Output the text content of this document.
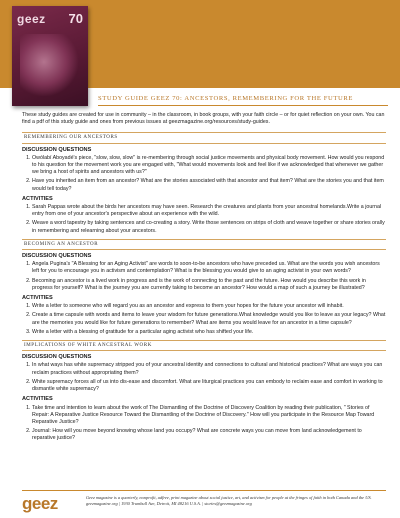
geez 70
STUDY GUIDE GEEZ 70: ANCESTORS, REMEMBERING FOR THE FUTURE

These study guides are created for use in community – in the classroom, in book groups, with your faith circle – or for quiet reflection on your own. You can find a pdf of this study guide and ones from previous issues at geezmagazine.org/resources/study-guides.

REMEMBERING OUR ANCESTORS
DISCUSSION QUESTIONS
1. Owólabí Aboyadé's piece, "slow, slow, slow" is re-membering through social justice movements and physical body movement. How would you respond to his question for the movement work you are engaged with, "What would movements look and feel like if we acknowledged that whenever we gather we bring a host of spirits and ancestors with us?"
2. Have you inherited an item from an ancestor? What are the stories associated with that ancestor and that item? What are the stories you and that item would tell today?
ACTIVITIES
1. Sarah Pappas wrote about the birds her ancestors may have seen. Research the creatures and plants from your ancestral homelands.Write a journal entry from one of your ancestor's perspective about an experience with the wild.
2. Weave a word tapestry by taking sentences and co-creating a story. Write those sentences on strips of cloth and weave together or share stories orally in remembering and relearning about your ancestors.
BECOMING AN ANCESTOR
DISCUSSION QUESTIONS
1. Angela Pugina's "A Blessing for an Aging Activist" are words to soon-to-be ancestors who have preceded us. What are the words you wish ancestors left for you to encourage you in activism and contemplation? What is the blessing you would give to an aging activist in your own words?
2. Becoming an ancestor is a lived work in progress and is the work of connecting to the past and the future. How would you describe this work in progress for yourself? What is the journey you are currently taking to become an ancestor? How would a map of such a journey be illustrated?
ACTIVITIES
1. Write a letter to someone who will regard you as an ancestor and express to them your hopes for the future your ancestor will inhabit.
2. Create a time capsule with words and items to leave your wisdom for future generations.What knowledge would you like to leave as your legacy? What are the memories you would like for future generations to remember? What are items you would leave for an ancestor in a time capsule?
3. Write a letter with a blessing of gratitude for a particular aging activist who has shifted your life.
IMPLICATIONS OF WHITE ANCESTRAL WORK
DISCUSSION QUESTIONS
1. In what ways has white supremacy stripped you of your ancestral identity and connections to cultural and historical practices? What are ways you can reclaim practices without appropriating them?
2. White supremacy forces all of us into dis-ease and discomfort. What are liturgical practices you can embody to reclaim ease and comfort in working to dismantle white supremacy?
ACTIVITIES
1. Take time and intention to learn about the work of The Dismantling of the Doctrine of Discovery Coalition by reading their publication, " Stories of Repair: A Reparative Justice Resource Toward the Dismantling of the Doctrine of Discovery." How will you participate in the Resource Map Toward Reparative Justice?
2. Journal: How will you move beyond knowing whose land you occupy? What are concrete ways you can move from land acknowledgement to reparative justice?
geez	Geez magazine is a quarterly, nonprofit, adfree, print magazine about social justice, art, and activism for people at the fringes of faith in both Canada and the US. geezmagazine.org | 1930 Trumbull Ave, Detroit, MI 48216 U.S.A. | stories@geezmagazine.org
